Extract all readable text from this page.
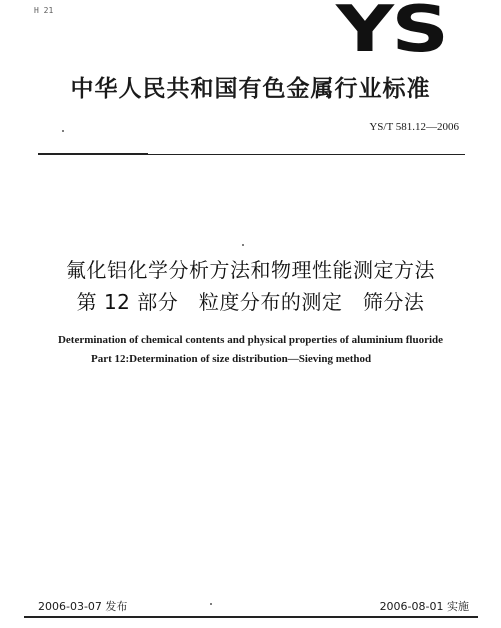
H 21	YS
中华人民共和国有色金属行业标准
YS/T 581.12—2006
氟化铝化学分析方法和物理性能测定方法
第 12 部分   粒度分布的测定   筛分法
Determination of chemical contents and physical properties of aluminium fluoride
Part 12:Determination of size distribution—Sieving method
2006-03-07 发布	2006-08-01 实施
